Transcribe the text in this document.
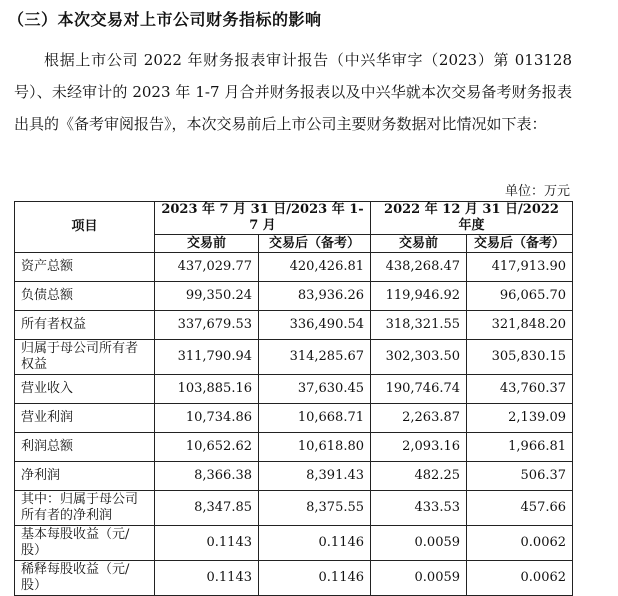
（三）本次交易对上市公司财务指标的影响
根据上市公司 2022 年财务报表审计报告（中兴华审字（2023）第 013128 号）、未经审计的 2023 年 1-7 月合并财务报表以及中兴华就本次交易备考财务报表出具的《备考审阅报告》，本次交易前后上市公司主要财务数据对比情况如下表：
单位：万元
项目	2023 年 7 月 31 日/2023 年 1-7 月		2022 年 12 月 31 日/2022 年度	
	交易前	交易后（备考）	交易前	交易后（备考）
资产总额	437,029.77	420,426.81	438,268.47	417,913.90
负债总额	99,350.24	83,936.26	119,946.92	96,065.70
所有者权益	337,679.53	336,490.54	318,321.55	321,848.20
归属于母公司所有者权益	311,790.94	314,285.67	302,303.50	305,830.15
营业收入	103,885.16	37,630.45	190,746.74	43,760.37
营业利润	10,734.86	10,668.71	2,263.87	2,139.09
利润总额	10,652.62	10,618.80	2,093.16	1,966.81
净利润	8,366.38	8,391.43	482.25	506.37
其中：归属于母公司所有者的净利润	8,347.85	8,375.55	433.53	457.66
基本每股收益（元/股）	0.1143	0.1146	0.0059	0.0062
稀释每股收益（元/股）	0.1143	0.1146	0.0059	0.0062
